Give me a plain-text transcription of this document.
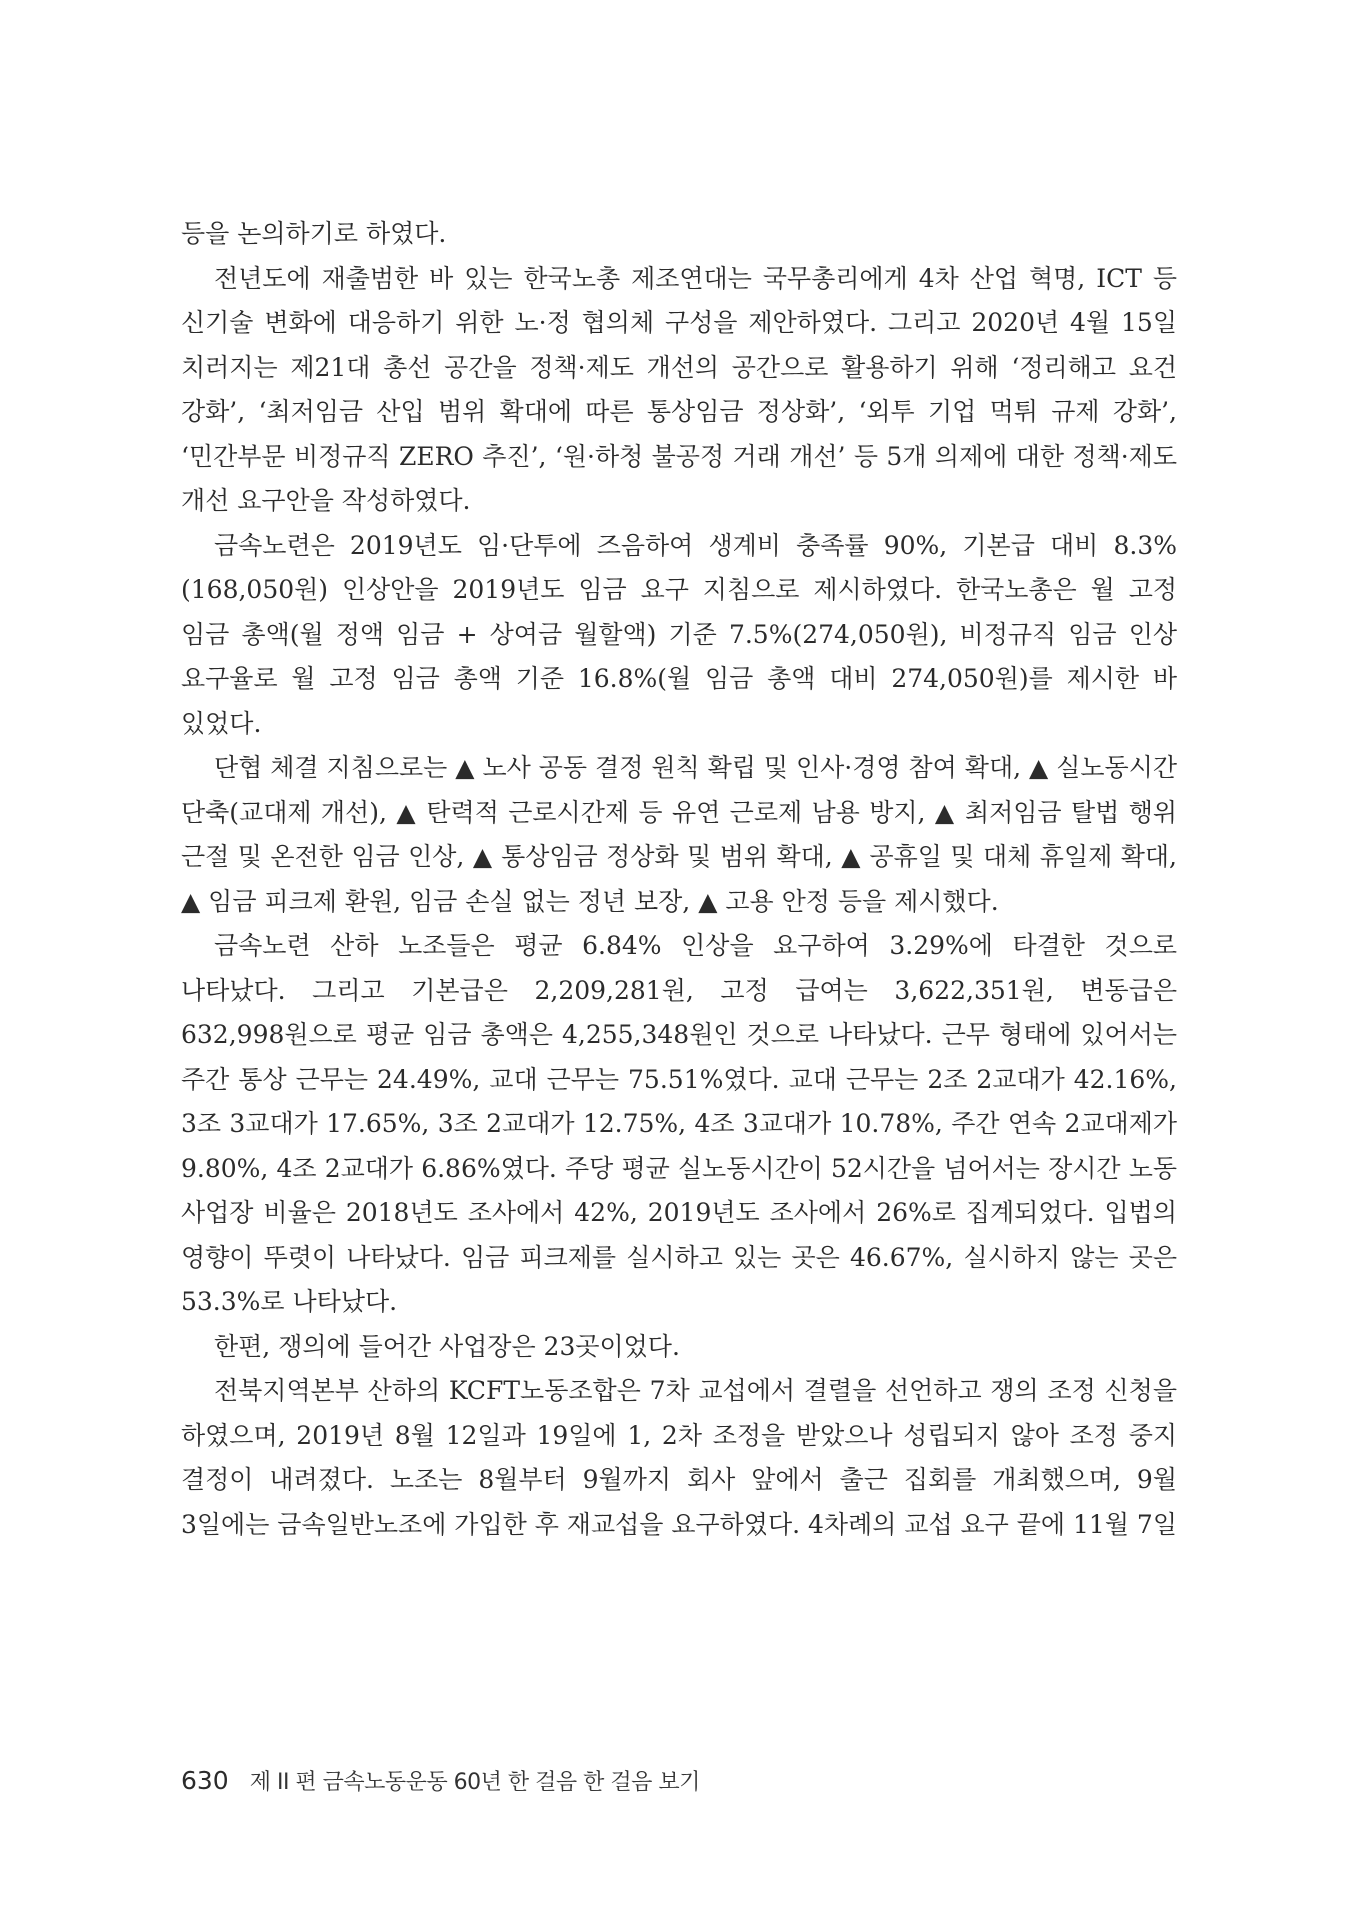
등을 논의하기로 하였다.

전년도에 재출범한 바 있는 한국노총 제조연대는 국무총리에게 4차 산업 혁명, ICT 등 신기술 변화에 대응하기 위한 노·정 협의체 구성을 제안하였다. 그리고 2020년 4월 15일 치러지는 제21대 총선 공간을 정책·제도 개선의 공간으로 활용하기 위해 ‘정리해고 요건 강화’, ‘최저임금 산입 범위 확대에 따른 통상임금 정상화’, ‘외투 기업 먹튀 규제 강화’, ‘민간부문 비정규직 ZERO 추진’, ‘원·하청 불공정 거래 개선’ 등 5개 의제에 대한 정책·제도 개선 요구안을 작성하였다.

금속노련은 2019년도 임·단투에 즈음하여 생계비 충족률 90%, 기본급 대비 8.3%(168,050원) 인상안을 2019년도 임금 요구 지침으로 제시하였다. 한국노총은 월 고정 임금 총액(월 정액 임금 + 상여금 월할액) 기준 7.5%(274,050원), 비정규직 임금 인상 요구율로 월 고정 임금 총액 기준 16.8%(월 임금 총액 대비 274,050원)를 제시한 바 있었다.

단협 체결 지침으로는 ▲ 노사 공동 결정 원칙 확립 및 인사·경영 참여 확대, ▲ 실노동시간 단축(교대제 개선), ▲ 탄력적 근로시간제 등 유연 근로제 남용 방지, ▲ 최저임금 탈법 행위 근절 및 온전한 임금 인상, ▲ 통상임금 정상화 및 범위 확대, ▲ 공휴일 및 대체 휴일제 확대, ▲ 임금 피크제 환원, 임금 손실 없는 정년 보장, ▲ 고용 안정 등을 제시했다.

금속노련 산하 노조들은 평균 6.84% 인상을 요구하여 3.29%에 타결한 것으로 나타났다. 그리고 기본급은 2,209,281원, 고정 급여는 3,622,351원, 변동급은 632,998원으로 평균 임금 총액은 4,255,348원인 것으로 나타났다. 근무 형태에 있어서는 주간 통상 근무는 24.49%, 교대 근무는 75.51%였다. 교대 근무는 2조 2교대가 42.16%, 3조 3교대가 17.65%, 3조 2교대가 12.75%, 4조 3교대가 10.78%, 주간 연속 2교대제가 9.80%, 4조 2교대가 6.86%였다. 주당 평균 실노동시간이 52시간을 넘어서는 장시간 노동 사업장 비율은 2018년도 조사에서 42%, 2019년도 조사에서 26%로 집계되었다. 입법의 영향이 뚜렷이 나타났다. 임금 피크제를 실시하고 있는 곳은 46.67%, 실시하지 않는 곳은 53.3%로 나타났다.

한편, 쟁의에 들어간 사업장은 23곳이었다.

전북지역본부 산하의 KCFT노동조합은 7차 교섭에서 결렬을 선언하고 쟁의 조정 신청을 하였으며, 2019년 8월 12일과 19일에 1, 2차 조정을 받았으나 성립되지 않아 조정 중지 결정이 내려졌다. 노조는 8월부터 9월까지 회사 앞에서 출근 집회를 개최했으며, 9월 3일에는 금속일반노조에 가입한 후 재교섭을 요구하였다. 4차례의 교섭 요구 끝에 11월 7일

630 제 II 편 금속노동운동 60년 한 걸음 한 걸음 보기
